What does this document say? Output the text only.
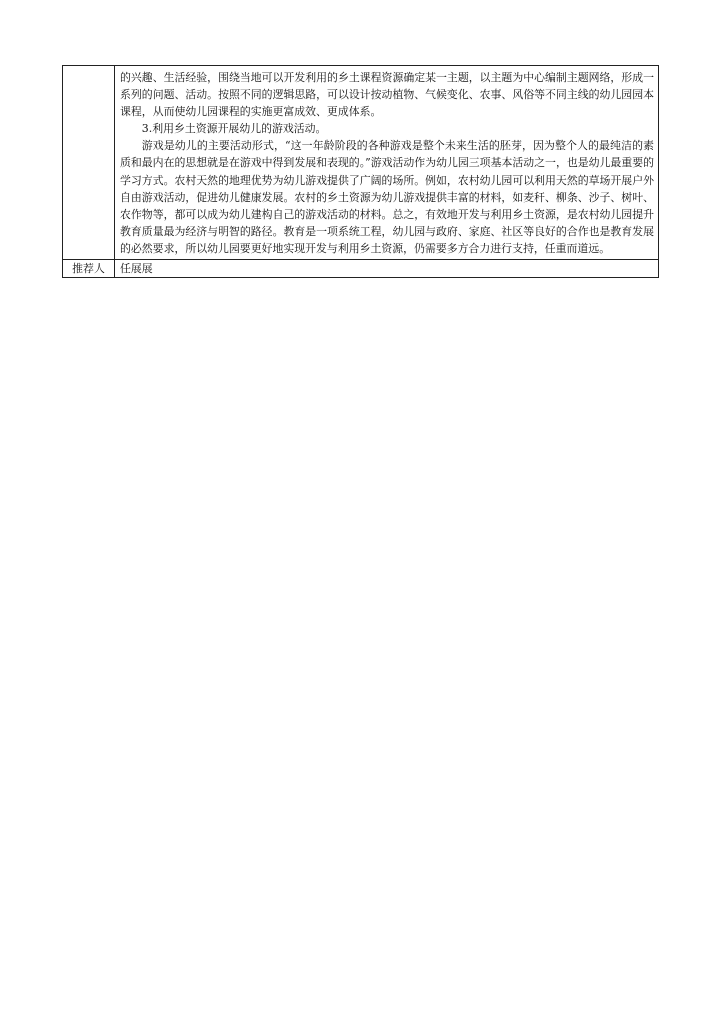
	的兴趣、生活经验，围绕当地可以开发利用的乡土课程资源确定某一主题，以主题为中心编制主题网络，形成一系列的问题、活动。按照不同的逻辑思路，可以设计按动植物、气候变化、农事、风俗等不同主线的幼儿园园本课程，从而使幼儿园课程的实施更富成效、更成体系。

3.利用乡土资源开展幼儿的游戏活动。

游戏是幼儿的主要活动形式，“这一年龄阶段的各种游戏是整个未来生活的胚芽，因为整个人的最纯洁的素质和最内在的思想就是在游戏中得到发展和表现的。”游戏活动作为幼儿园三项基本活动之一，也是幼儿最重要的学习方式。农村天然的地理优势为幼儿游戏提供了广阔的场所。例如，农村幼儿园可以利用天然的草场开展户外自由游戏活动，促进幼儿健康发展。农村的乡土资源为幼儿游戏提供丰富的材料，如麦秆、柳条、沙子、树叶、农作物等，都可以成为幼儿建构自己的游戏活动的材料。总之，有效地开发与利用乡土资源，是农村幼儿园提升教育质量最为经济与明智的路径。教育是一项系统工程，幼儿园与政府、家庭、社区等良好的合作也是教育发展的必然要求，所以幼儿园要更好地实现开发与利用乡土资源，仍需要多方合力进行支持，任重而道远。

推荐人	任展展
